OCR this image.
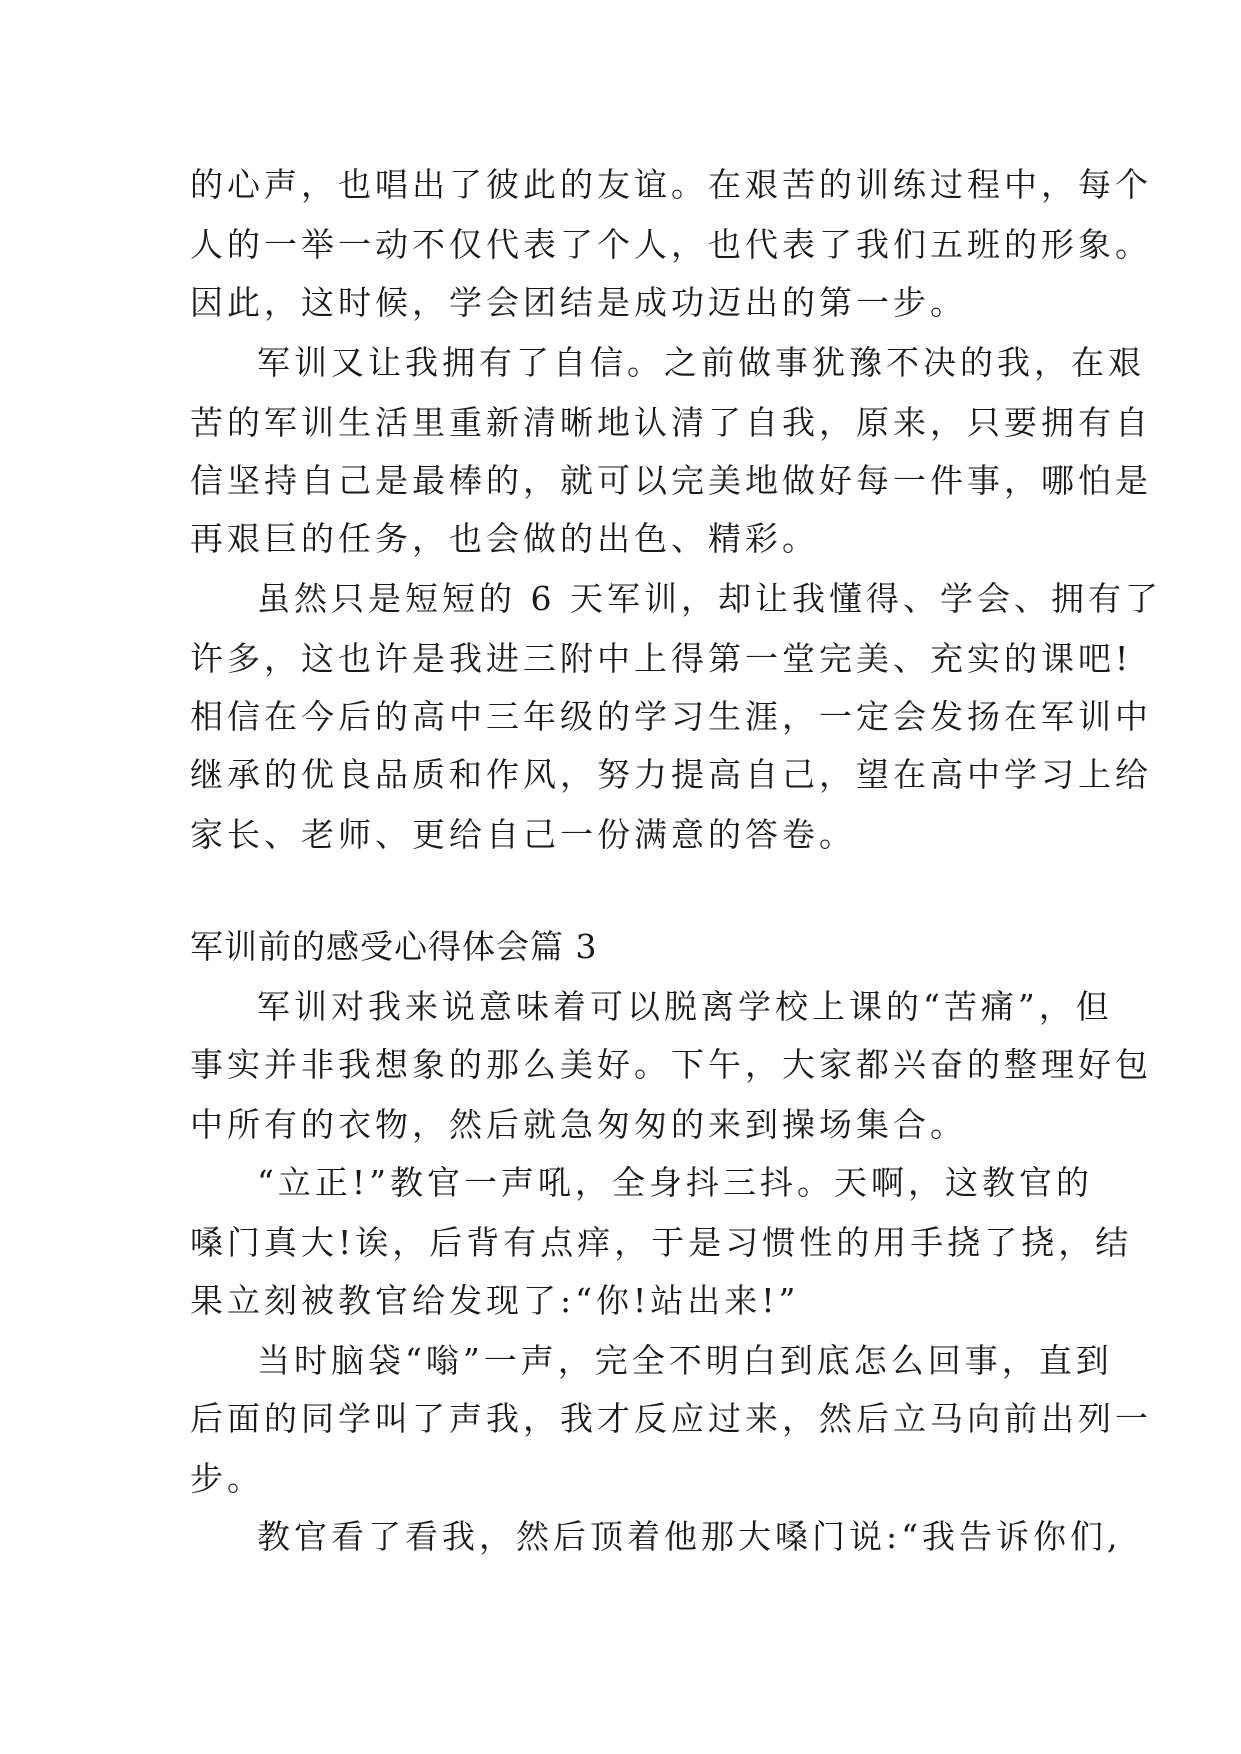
的心声，也唱出了彼此的友谊。在艰苦的训练过程中，每个
人的一举一动不仅代表了个人，也代表了我们五班的形象。
因此，这时候，学会团结是成功迈出的第一步。
军训又让我拥有了自信。之前做事犹豫不决的我，在艰
苦的军训生活里重新清晰地认清了自我，原来，只要拥有自
信坚持自己是最棒的，就可以完美地做好每一件事，哪怕是
再艰巨的任务，也会做的出色、精彩。
虽然只是短短的 6 天军训，却让我懂得、学会、拥有了
许多，这也许是我进三附中上得第一堂完美、充实的课吧!
相信在今后的高中三年级的学习生涯，一定会发扬在军训中
继承的优良品质和作风，努力提高自己，望在高中学习上给
家长、老师、更给自己一份满意的答卷。
军训前的感受心得体会篇 3
军训对我来说意味着可以脱离学校上课的“苦痛”，但
事实并非我想象的那么美好。下午，大家都兴奋的整理好包
中所有的衣物，然后就急匆匆的来到操场集合。
“立正!”教官一声吼，全身抖三抖。天啊，这教官的
嗓门真大!诶，后背有点痒，于是习惯性的用手挠了挠，结
果立刻被教官给发现了:“你!站出来!”
当时脑袋“嗡”一声，完全不明白到底怎么回事，直到
后面的同学叫了声我，我才反应过来，然后立马向前出列一
步。
教官看了看我，然后顶着他那大嗓门说:“我告诉你们,
